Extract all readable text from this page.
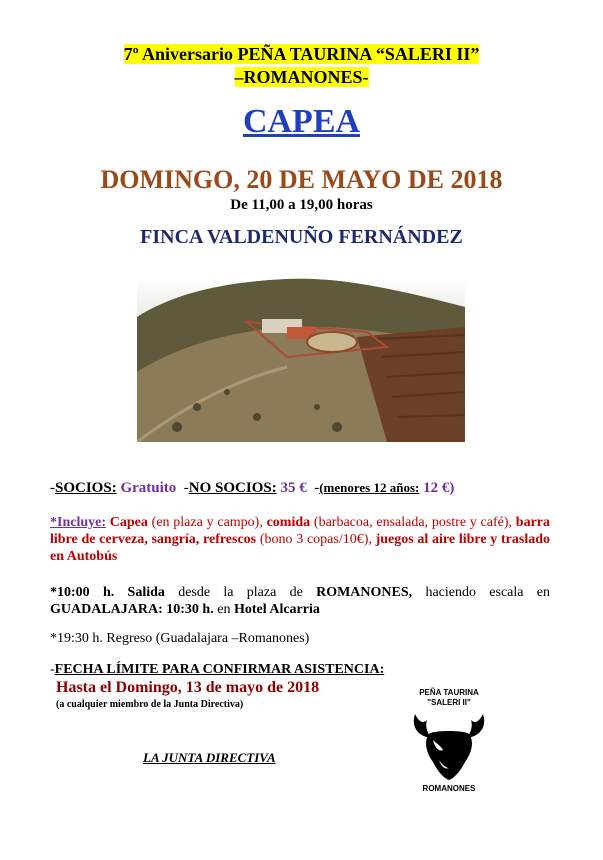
7º Aniversario PEÑA TAURINA “SALERI II”
–ROMANONES-
CAPEA
DOMINGO, 20 DE MAYO DE 2018
De 11,00 a 19,00 horas
FINCA VALDENUÑO FERNÁNDEZ
-SOCIOS: Gratuito  -NO SOCIOS: 35 €  -(menores 12 años: 12 €)
*Incluye: Capea (en plaza y campo), comida (barbacoa, ensalada, postre y café), barra libre de cerveza, sangría, refrescos (bono 3 copas/10€), juegos al aire libre y traslado en Autobús
*10:00 h. Salida desde la plaza de ROMANONES, haciendo escala en GUADALAJARA: 10:30 h. en Hotel Alcarria
*19:30 h. Regreso (Guadalajara –Romanones)
-FECHA LÍMITE PARA CONFIRMAR ASISTENCIA:
Hasta el Domingo, 13 de mayo de 2018
(a cualquier miembro de la Junta Directiva)
LA JUNTA DIRECTIVA
PEÑA TAURINA
"SALERI II"
ROMANONES
